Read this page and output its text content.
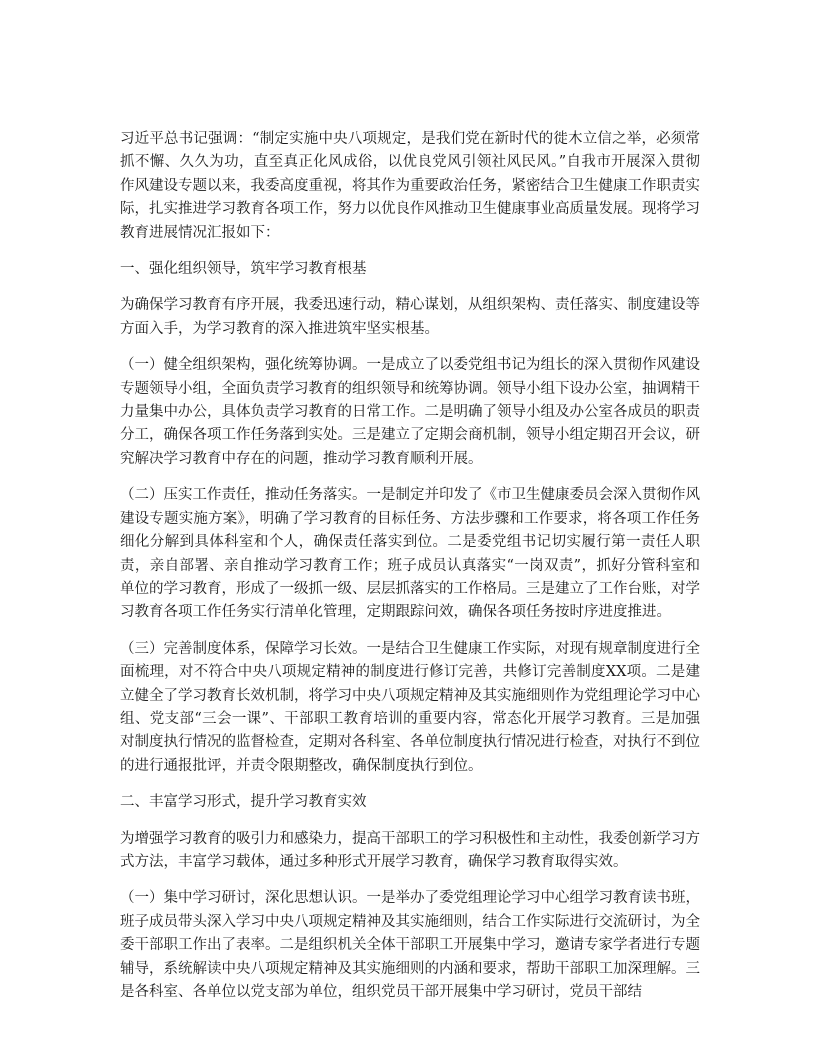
习近平总书记强调：“制定实施中央八项规定，是我们党在新时代的徙木立信之举，必须常抓不懈、久久为功，直至真正化风成俗，以优良党风引领社风民风。”自我市开展深入贯彻作风建设专题以来，我委高度重视，将其作为重要政治任务，紧密结合卫生健康工作职责实际，扎实推进学习教育各项工作，努力以优良作风推动卫生健康事业高质量发展。现将学习教育进展情况汇报如下：

一、强化组织领导，筑牢学习教育根基

为确保学习教育有序开展，我委迅速行动，精心谋划，从组织架构、责任落实、制度建设等方面入手，为学习教育的深入推进筑牢坚实根基。

（一）健全组织架构，强化统筹协调。一是成立了以委党组书记为组长的深入贯彻作风建设专题领导小组，全面负责学习教育的组织领导和统筹协调。领导小组下设办公室，抽调精干力量集中办公，具体负责学习教育的日常工作。二是明确了领导小组及办公室各成员的职责分工，确保各项工作任务落到实处。三是建立了定期会商机制，领导小组定期召开会议，研究解决学习教育中存在的问题，推动学习教育顺利开展。

（二）压实工作责任，推动任务落实。一是制定并印发了《市卫生健康委员会深入贯彻作风建设专题实施方案》，明确了学习教育的目标任务、方法步骤和工作要求，将各项工作任务细化分解到具体科室和个人，确保责任落实到位。二是委党组书记切实履行第一责任人职责，亲自部署、亲自推动学习教育工作；班子成员认真落实“一岗双责”，抓好分管科室和单位的学习教育，形成了一级抓一级、层层抓落实的工作格局。三是建立了工作台账，对学习教育各项工作任务实行清单化管理，定期跟踪问效，确保各项任务按时序进度推进。

（三）完善制度体系，保障学习长效。一是结合卫生健康工作实际，对现有规章制度进行全面梳理，对不符合中央八项规定精神的制度进行修订完善，共修订完善制度XX项。二是建立健全了学习教育长效机制，将学习中央八项规定精神及其实施细则作为党组理论学习中心组、党支部“三会一课”、干部职工教育培训的重要内容，常态化开展学习教育。三是加强对制度执行情况的监督检查，定期对各科室、各单位制度执行情况进行检查，对执行不到位的进行通报批评，并责令限期整改，确保制度执行到位。

二、丰富学习形式，提升学习教育实效

为增强学习教育的吸引力和感染力，提高干部职工的学习积极性和主动性，我委创新学习方式方法，丰富学习载体，通过多种形式开展学习教育，确保学习教育取得实效。

（一）集中学习研讨，深化思想认识。一是举办了委党组理论学习中心组学习教育读书班，班子成员带头深入学习中央八项规定精神及其实施细则，结合工作实际进行交流研讨，为全委干部职工作出了表率。二是组织机关全体干部职工开展集中学习，邀请专家学者进行专题辅导，系统解读中央八项规定精神及其实施细则的内涵和要求，帮助干部职工加深理解。三是各科室、各单位以党支部为单位，组织党员干部开展集中学习研讨，党员干部结
